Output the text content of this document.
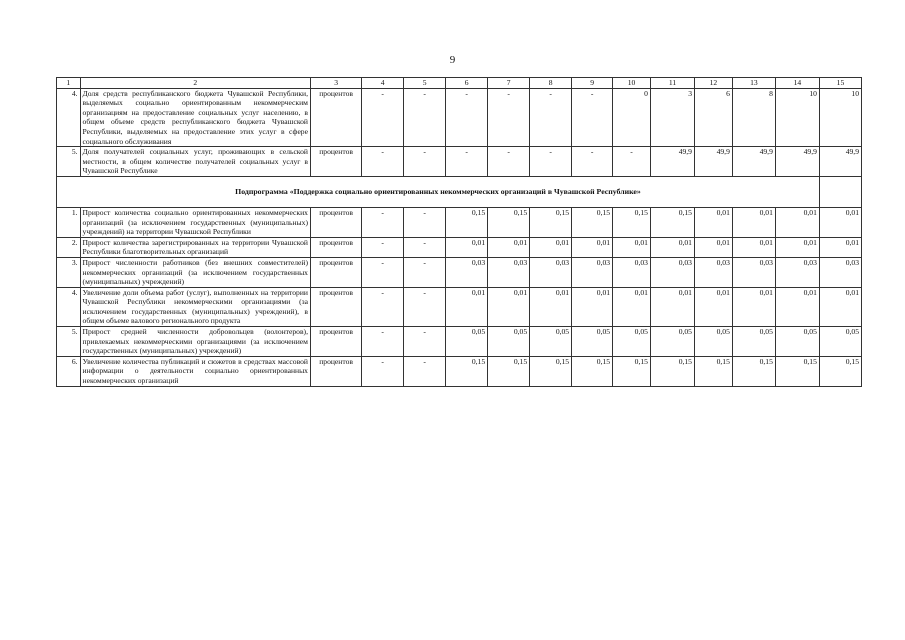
9
1	2	3	4	5	6	7	8	9	10	11	12	13	14	15
4.	Доля средств республиканского бюджета Чувашской Республики, выделяемых социально ориентированным некоммерческим организациям на предоставление социальных услуг населению, в общем объеме средств республиканского бюджета Чувашской Республики, выделяемых на предоставление этих услуг в сфере социального обслуживания	процентов	-	-	-	-	-	-	0	3	6	8	10	10
5.	Доля получателей социальных услуг, проживающих в сельской местности, в общем количестве получателей социальных услуг в Чувашской Республике	процентов	-	-	-	-	-	-	-	49,9	49,9	49,9	49,9	49,9
Подпрограмма «Поддержка социально ориентированных некоммерческих организаций в Чувашской Республике»														
1.	Прирост количества социально ориентированных некоммерческих организаций (за исключением государственных (муниципальных) учреждений) на территории Чувашской Республики	процентов	-	-	0,15	0,15	0,15	0,15	0,15	0,15	0,01	0,01	0,01	0,01
2.	Прирост количества зарегистрированных на территории Чувашской Республики благотворительных организаций	процентов	-	-	0,01	0,01	0,01	0,01	0,01	0,01	0,01	0,01	0,01	0,01
3.	Прирост численности работников (без внешних совместителей) некоммерческих организаций (за исключением государственных (муниципальных) учреждений)	процентов	-	-	0,03	0,03	0,03	0,03	0,03	0,03	0,03	0,03	0,03	0,03
4.	Увеличение доли объема работ (услуг), выполненных на территории Чувашской Республики некоммерческими организациями (за исключением государственных (муниципальных) учреждений), в общем объеме валового регионального продукта	процентов	-	-	0,01	0,01	0,01	0,01	0,01	0,01	0,01	0,01	0,01	0,01
5.	Прирост средней численности добровольцев (волонтеров), привлекаемых некоммерческими организациями (за исключением государственных (муниципальных) учреждений)	процентов	-	-	0,05	0,05	0,05	0,05	0,05	0,05	0,05	0,05	0,05	0,05
6.	Увеличение количества публикаций и сюжетов в средствах массовой информации о деятельности социально ориентированных некоммерческих организаций	процентов	-	-	0,15	0,15	0,15	0,15	0,15	0,15	0,15	0,15	0,15	0,15
